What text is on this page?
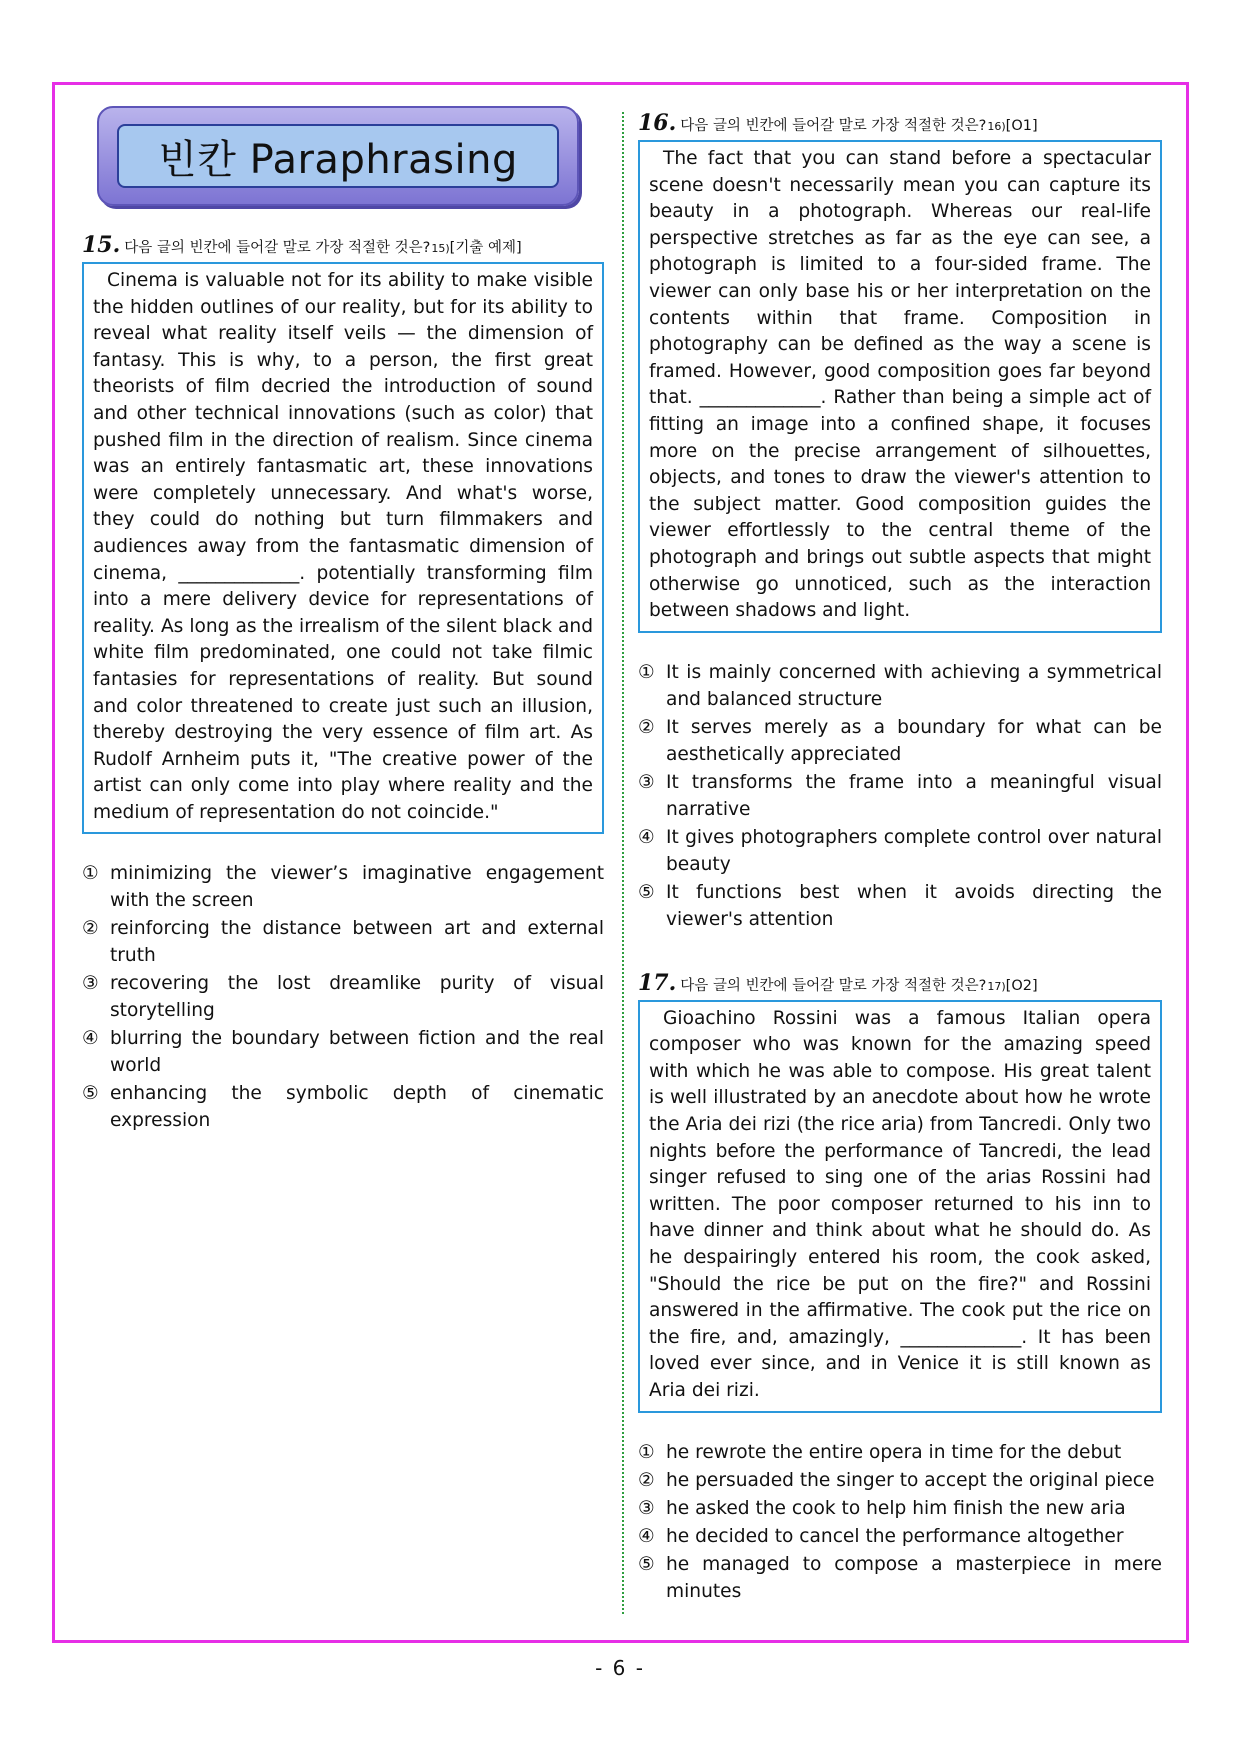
빈칸 Paraphrasing
15. 다음 글의 빈칸에 들어갈 말로 가장 적절한 것은? 15) [기출 예제]
Cinema is valuable not for its ability to make visible the hidden outlines of our reality, but for its ability to reveal what reality itself veils — the dimension of fantasy. This is why, to a person, the first great theorists of film decried the introduction of sound and other technical innovations (such as color) that pushed film in the direction of realism. Since cinema was an entirely fantasmatic art, these innovations were completely unnecessary. And what's worse, they could do nothing but turn filmmakers and audiences away from the fantasmatic dimension of cinema, _____________. potentially transforming film into a mere delivery device for representations of reality. As long as the irrealism of the silent black and white film predominated, one could not take filmic fantasies for representations of reality. But sound and color threatened to create just such an illusion, thereby destroying the very essence of film art. As Rudolf Arnheim puts it, "The creative power of the artist can only come into play where reality and the medium of representation do not coincide."
① minimizing the viewer’s imaginative engagement with the screen
② reinforcing the distance between art and external truth
③ recovering the lost dreamlike purity of visual storytelling
④ blurring the boundary between fiction and the real world
⑤ enhancing the symbolic depth of cinematic expression
16. 다음 글의 빈칸에 들어갈 말로 가장 적절한 것은? 16) [O1]
The fact that you can stand before a spectacular scene doesn't necessarily mean you can capture its beauty in a photograph. Whereas our real-life perspective stretches as far as the eye can see, a photograph is limited to a four-sided frame. The viewer can only base his or her interpretation on the contents within that frame. Composition in photography can be defined as the way a scene is framed. However, good composition goes far beyond that. _____________. Rather than being a simple act of fitting an image into a confined shape, it focuses more on the precise arrangement of silhouettes, objects, and tones to draw the viewer's attention to the subject matter. Good composition guides the viewer effortlessly to the central theme of the photograph and brings out subtle aspects that might otherwise go unnoticed, such as the interaction between shadows and light.
① It is mainly concerned with achieving a symmetrical and balanced structure
② It serves merely as a boundary for what can be aesthetically appreciated
③ It transforms the frame into a meaningful visual narrative
④ It gives photographers complete control over natural beauty
⑤ It functions best when it avoids directing the viewer's attention
17. 다음 글의 빈칸에 들어갈 말로 가장 적절한 것은? 17) [O2]
Gioachino Rossini was a famous Italian opera composer who was known for the amazing speed with which he was able to compose. His great talent is well illustrated by an anecdote about how he wrote the Aria dei rizi (the rice aria) from Tancredi. Only two nights before the performance of Tancredi, the lead singer refused to sing one of the arias Rossini had written. The poor composer returned to his inn to have dinner and think about what he should do. As he despairingly entered his room, the cook asked, "Should the rice be put on the fire?" and Rossini answered in the affirmative. The cook put the rice on the fire, and, amazingly, _____________. It has been loved ever since, and in Venice it is still known as Aria dei rizi.
① he rewrote the entire opera in time for the debut
② he persuaded the singer to accept the original piece
③ he asked the cook to help him finish the new aria
④ he decided to cancel the performance altogether
⑤ he managed to compose a masterpiece in mere minutes
- 6 -
